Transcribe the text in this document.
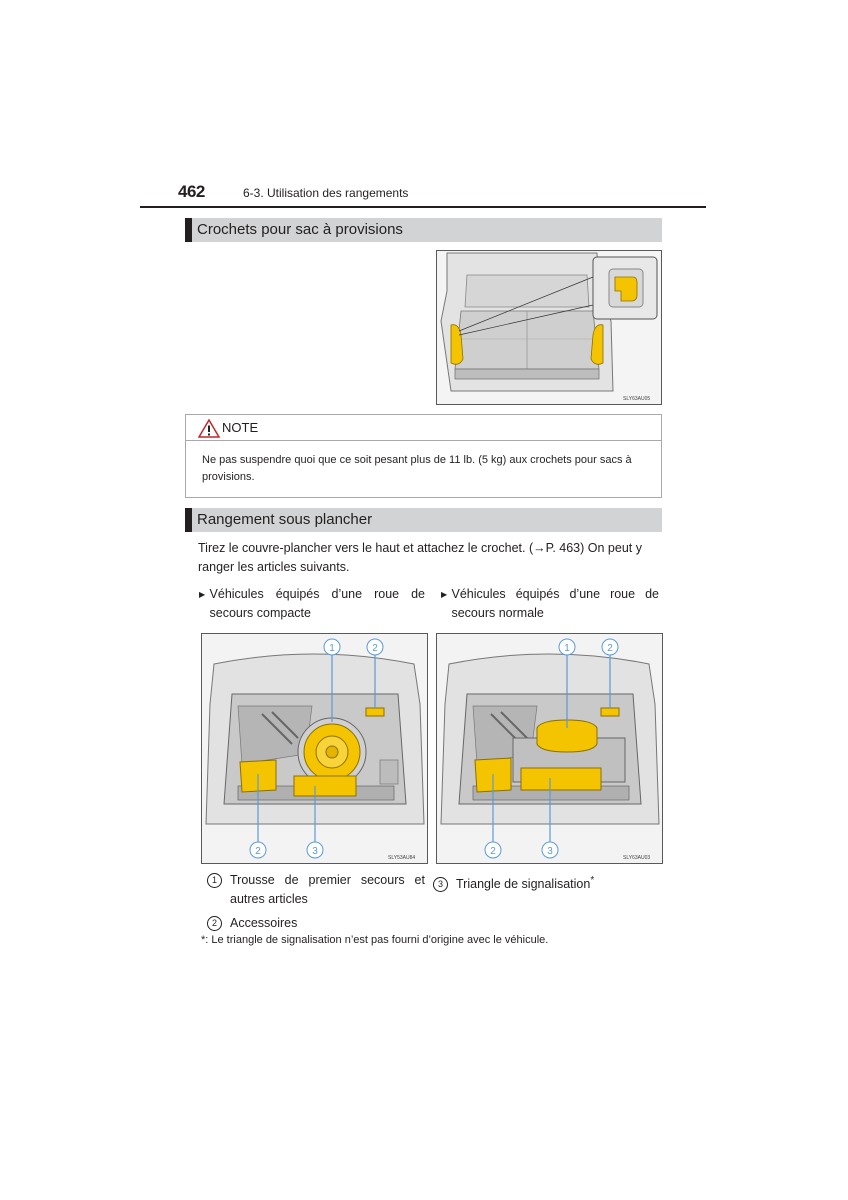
462	6-3. Utilisation des rangements
Crochets pour sac à provisions
SLY63AU05
NOTE
Ne pas suspendre quoi que ce soit pesant plus de 11 lb. (5 kg) aux crochets pour sacs à provisions.
Rangement sous plancher
Tirez le couvre-plancher vers le haut et attachez le crochet. (→P. 463) On peut y ranger les articles suivants.
▶ Véhicules équipés d’une roue de secours compacte
▶ Véhicules équipés d’une roue de secours normale
1	2
2	3
SLY53AU84
1	2
2	3
SLY63AU03
1	Trousse de premier secours et autres articles
3 Triangle de signalisation*
2 Accessoires
*: Le triangle de signalisation n’est pas fourni d’origine avec le véhicule.
